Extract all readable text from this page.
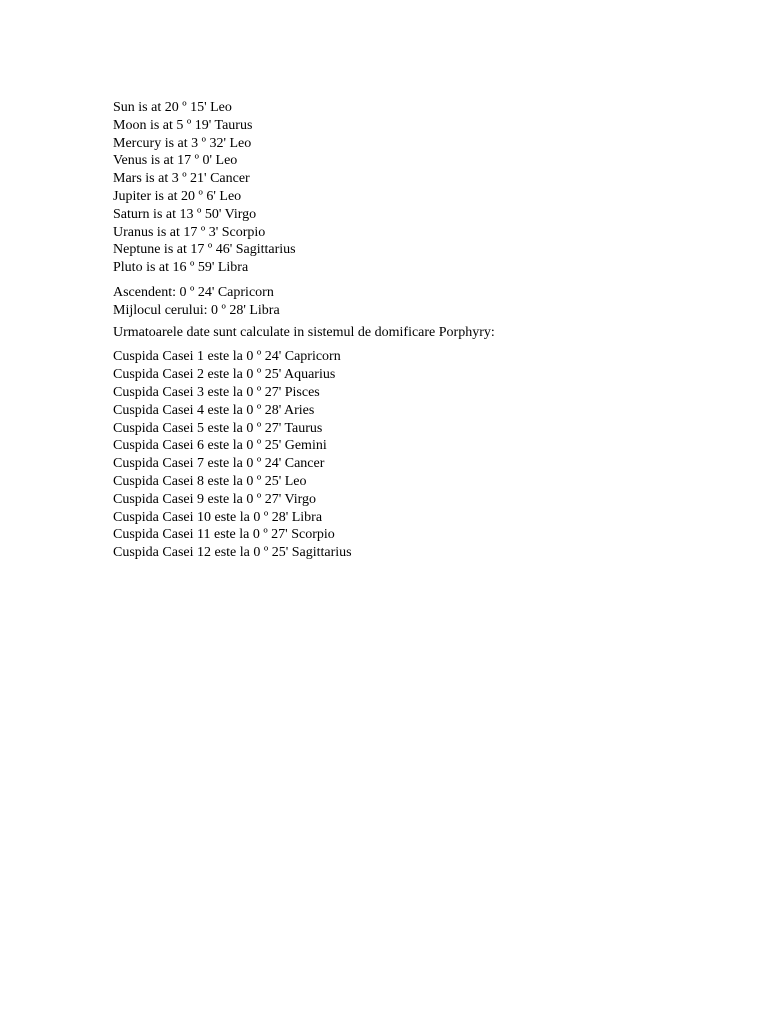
Sun is at 20 º 15' Leo
Moon is at 5 º 19' Taurus
Mercury is at 3 º 32' Leo
Venus is at 17 º 0' Leo
Mars is at 3 º 21' Cancer
Jupiter is at 20 º 6' Leo
Saturn is at 13 º 50' Virgo
Uranus is at 17 º 3' Scorpio
Neptune is at 17 º 46' Sagittarius
Pluto is at 16 º 59' Libra
Ascendent: 0 º 24' Capricorn
Mijlocul cerului: 0 º 28' Libra
Urmatoarele date sunt calculate in sistemul de domificare Porphyry:
Cuspida Casei 1 este la 0 º 24' Capricorn
Cuspida Casei 2 este la 0 º 25' Aquarius
Cuspida Casei 3 este la 0 º 27' Pisces
Cuspida Casei 4 este la 0 º 28' Aries
Cuspida Casei 5 este la 0 º 27' Taurus
Cuspida Casei 6 este la 0 º 25' Gemini
Cuspida Casei 7 este la 0 º 24' Cancer
Cuspida Casei 8 este la 0 º 25' Leo
Cuspida Casei 9 este la 0 º 27' Virgo
Cuspida Casei 10 este la 0 º 28' Libra
Cuspida Casei 11 este la 0 º 27' Scorpio
Cuspida Casei 12 este la 0 º 25' Sagittarius
